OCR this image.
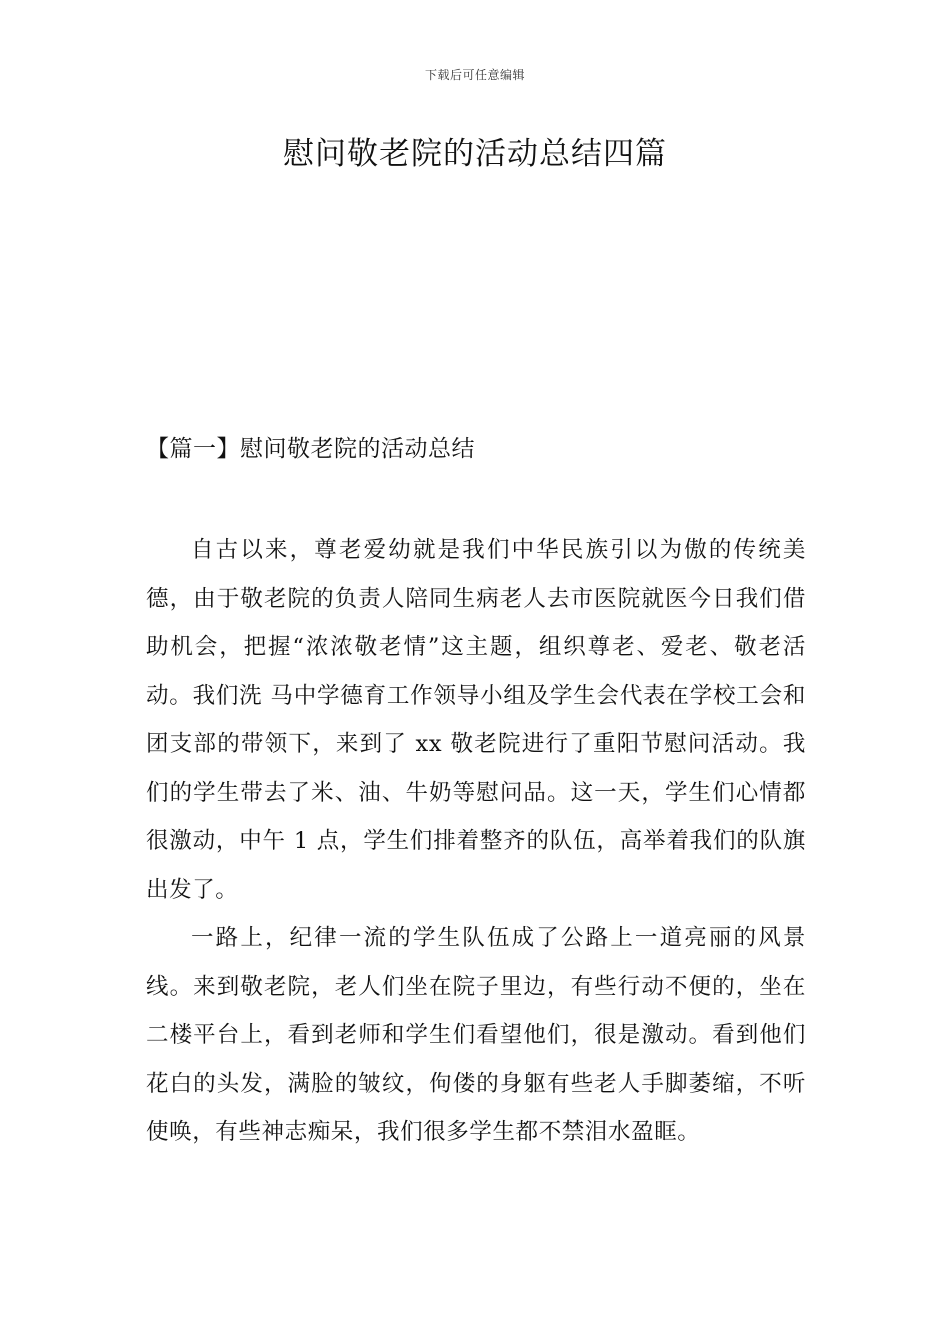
下载后可任意编辑
慰问敬老院的活动总结四篇
【篇一】慰问敬老院的活动总结

自古以来，尊老爱幼就是我们中华民族引以为傲的传统美德，由于敬老院的负责人陪同生病老人去市医院就医今日我们借助机会，把握“浓浓敬老情”这主题，组织尊老、爱老、敬老活动。我们洗 马中学德育工作领导小组及学生会代表在学校工会和团支部的带领下，来到了 xx 敬老院进行了重阳节慰问活动。我们的学生带去了米、油、牛奶等慰问品。这一天，学生们心情都很激动，中午 1 点，学生们排着整齐的队伍，高举着我们的队旗出发了。

一路上，纪律一流的学生队伍成了公路上一道亮丽的风景线。来到敬老院，老人们坐在院子里边，有些行动不便的，坐在二楼平台上，看到老师和学生们看望他们，很是激动。看到他们花白的头发，满脸的皱纹，佝偻的身躯有些老人手脚萎缩，不听使唤，有些神志痴呆，我们很多学生都不禁泪水盈眶。
